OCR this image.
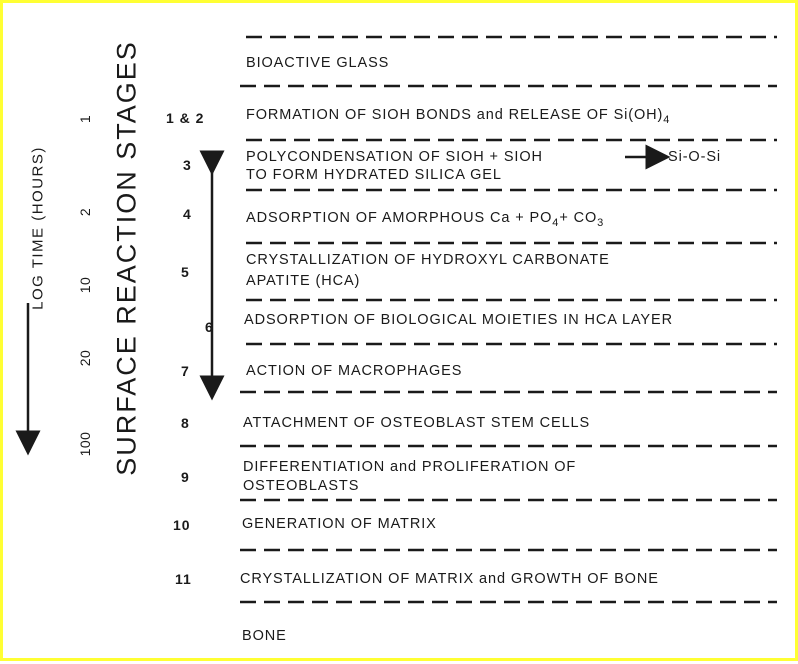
LOG TIME (HOURS) SURFACE REACTION STAGES
1
2
10
20
100
BIOACTIVE GLASS
BONE
1 & 2
3
4
5
6
7
8
9
10
11
FORMATION OF SIOH BONDS and RELEASE OF $Si(OH)_4$
POLYCONDENSATION OF SIOH + SIOH	Si-O-Si
TO FORM HYDRATED SILICA GEL
ADSORPTION OF AMORPHOUS $Ca + PO_4+ CO_3$
CRYSTALLIZATION OF HYDROXYL CARBONATE
APATITE (HCA)
ADSORPTION OF BIOLOGICAL MOIETIES IN HCA LAYER
ACTION OF MACROPHAGES
ATTACHMENT OF OSTEOBLAST STEM CELLS
DIFFERENTIATION and PROLIFERATION OF
OSTEOBLASTS
GENERATION OF MATRIX
CRYSTALLIZATION OF MATRIX and GROWTH OF BONE
